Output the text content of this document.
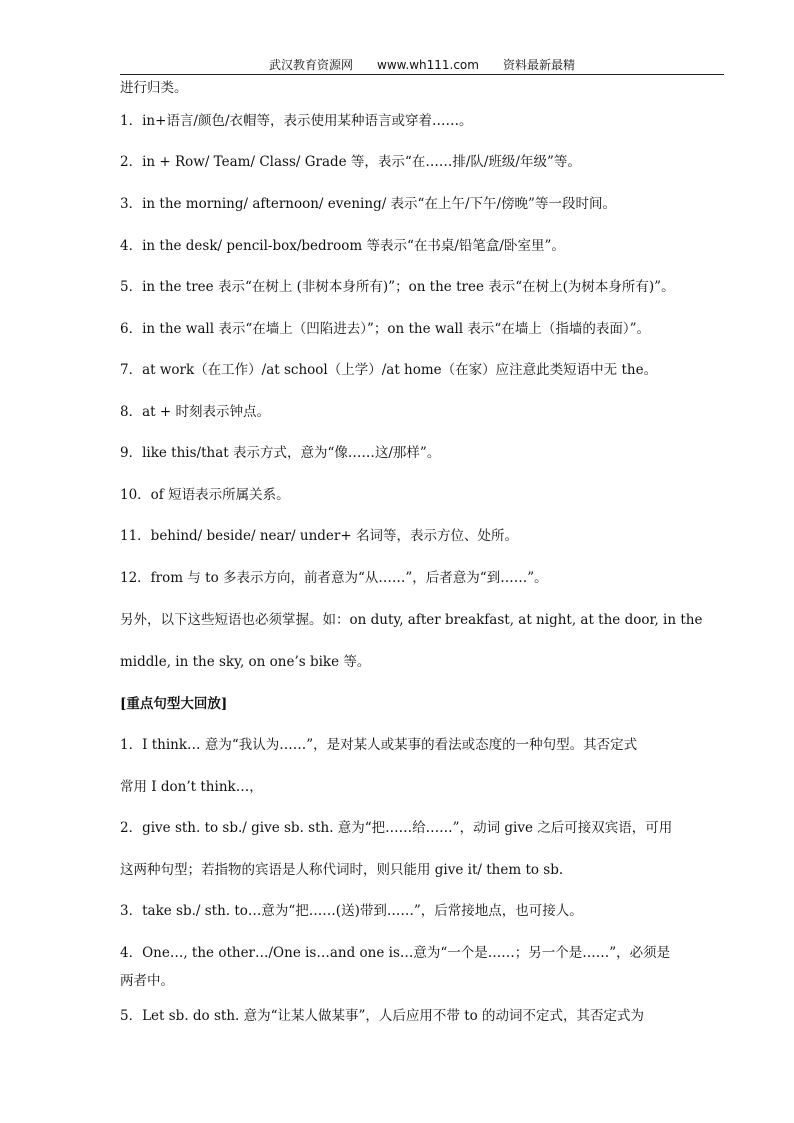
武汉教育资源网 www.wh111.com 资料最新最精
进行归类。
1．in+语言/颜色/衣帽等，表示使用某种语言或穿着……。
2．in + Row/ Team/ Class/ Grade 等，表示“在……排/队/班级/年级”等。
3．in the morning/ afternoon/ evening/ 表示“在上午/下午/傍晚”等一段时间。
4．in the desk/ pencil-box/bedroom 等表示“在书桌/铅笔盒/卧室里”。
5．in the tree 表示“在树上 (非树本身所有)”；on the tree 表示“在树上(为树本身所有)”。
6．in the wall 表示“在墙上（凹陷进去）”；on the wall 表示“在墙上（指墙的表面）”。
7．at work（在工作）/at school（上学）/at home（在家）应注意此类短语中无 the。
8．at + 时刻表示钟点。
9．like this/that 表示方式，意为“像……这/那样”。
10．of 短语表示所属关系。
11．behind/ beside/ near/ under+ 名词等，表示方位、处所。
12．from 与 to 多表示方向，前者意为“从……”，后者意为“到……”。
另外，以下这些短语也必须掌握。如：on duty, after breakfast, at night, at the door, in the
middle, in the sky, on one’s bike 等。
[重点句型大回放]
1．I think… 意为“我认为……”，是对某人或某事的看法或态度的一种句型。其否定式
常用 I don’t think…，
2．give sth. to sb./ give sb. sth. 意为“把……给……”，动词 give 之后可接双宾语，可用
这两种句型；若指物的宾语是人称代词时，则只能用 give it/ them to sb.
3．take sb./ sth. to…意为“把……(送)带到……”，后常接地点，也可接人。
4．One…, the other…/One is…and one is…意为“一个是……；另一个是……”，必须是
两者中。
5．Let sb. do sth. 意为“让某人做某事”，人后应用不带 to 的动词不定式，其否定式为
